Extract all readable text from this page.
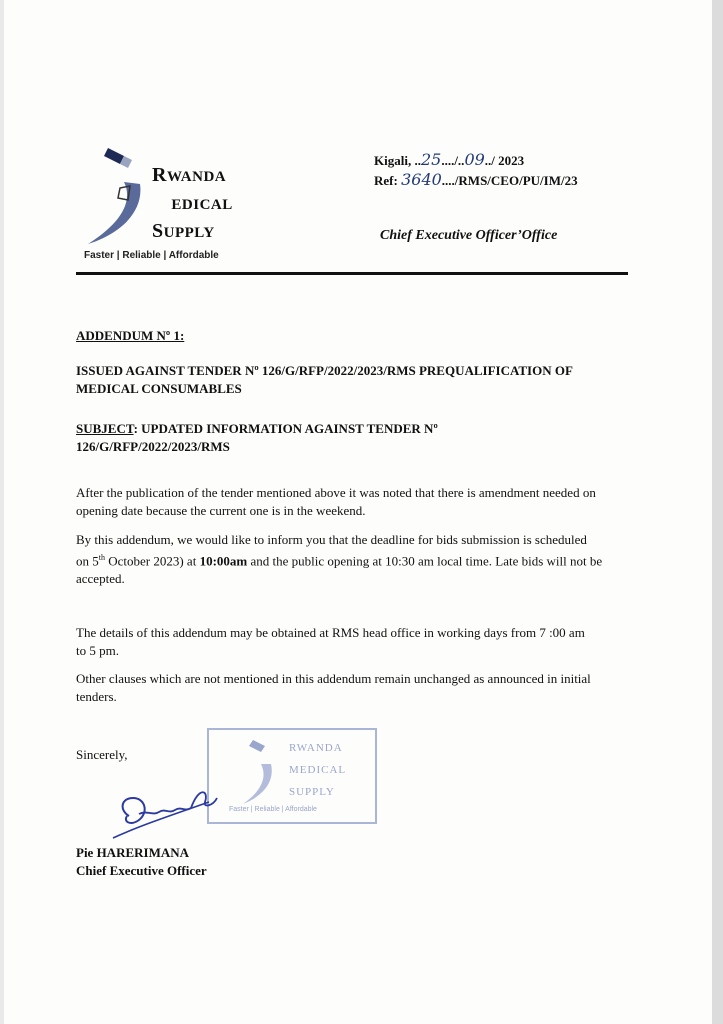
RWANDA
MEDICAL
SUPPLY
Faster | Reliable | Affordable
Kigali, ..25..../..09../ 2023
Ref: 3640..../RMS/CEO/PU/IM/23
Chief Executive Officer’Office
ADDENDUM Nº 1:
ISSUED AGAINST TENDER Nº 126/G/RFP/2022/2023/RMS PREQUALIFICATION OF
MEDICAL CONSUMABLES
SUBJECT: UPDATED INFORMATION AGAINST TENDER Nº
126/G/RFP/2022/2023/RMS
After the publication of the tender mentioned above it was noted that there is amendment needed on
opening date because the current one is in the weekend.
By this addendum, we would like to inform you that the deadline for bids submission is scheduled
on 5th October 2023) at 10:00am and the public opening at 10:30 am local time. Late bids will not be
accepted.
The details of this addendum may be obtained at RMS head office in working days from 7 :00 am
to 5 pm.
Other clauses which are not mentioned in this addendum remain unchanged as announced in initial
tenders.
Sincerely,	RWANDA
MEDICAL
SUPPLY
Faster | Reliable | Affordable
Pie HARERIMANA
Chief Executive Officer
